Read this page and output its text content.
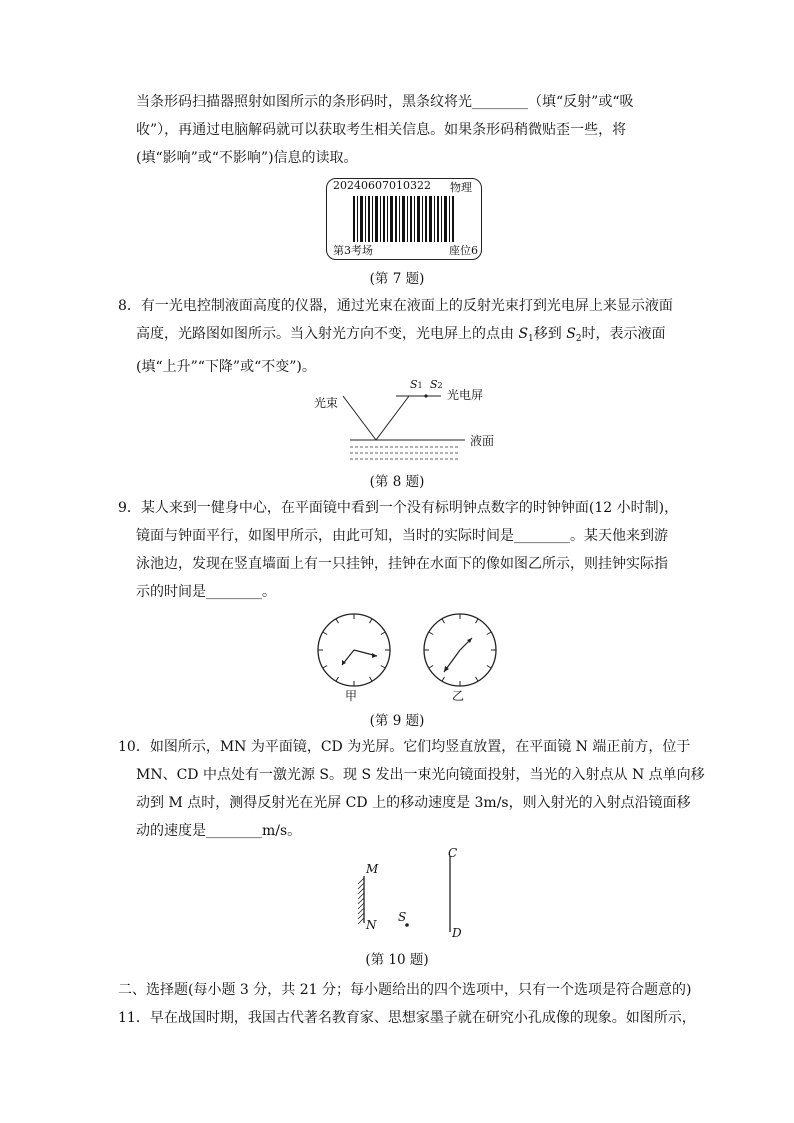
当条形码扫描器照射如图所示的条形码时，黑条纹将光________（填“反射”或“吸
收”），再通过电脑解码就可以获取考生相关信息。如果条形码稍微贴歪一些，将
(填“影响”或“不影响”)信息的读取。
20240607010322 物理
第3考场	座位6
(第 7 题)
8．有一光电控制液面高度的仪器，通过光束在液面上的反射光束打到光电屏上来显示液面
高度，光路图如图所示。当入射光方向不变，光电屏上的点由 $S_1$移到 $S_2$时，表示液面
(填“上升”“下降”或“不变”)。
光束
S1 S2
光电屏
液面
(第 8 题)
9．某人来到一健身中心，在平面镜中看到一个没有标明钟点数字的时钟钟面(12 小时制)，
镜面与钟面平行，如图甲所示，由此可知，当时的实际时间是________。某天他来到游
泳池边，发现在竖直墙面上有一只挂钟，挂钟在水面下的像如图乙所示，则挂钟实际指
示的时间是________。
甲	乙
(第 9 题)
10．如图所示，MN 为平面镜，CD 为光屏。它们均竖直放置，在平面镜 N 端正前方，位于
MN、CD 中点处有一激光源 S。现 S 发出一束光向镜面投射，当光的入射点从 N 点单向移
动到 M 点时，测得反射光在光屏 CD 上的移动速度是 3m/s，则入射光的入射点沿镜面移
动的速度是________m/s。
M
N
C
D
S
(第 10 题)
二、选择题(每小题 3 分，共 21 分；每小题给出的四个选项中，只有一个选项是符合题意的)
11．早在战国时期，我国古代著名教育家、思想家墨子就在研究小孔成像的现象。如图所示，
